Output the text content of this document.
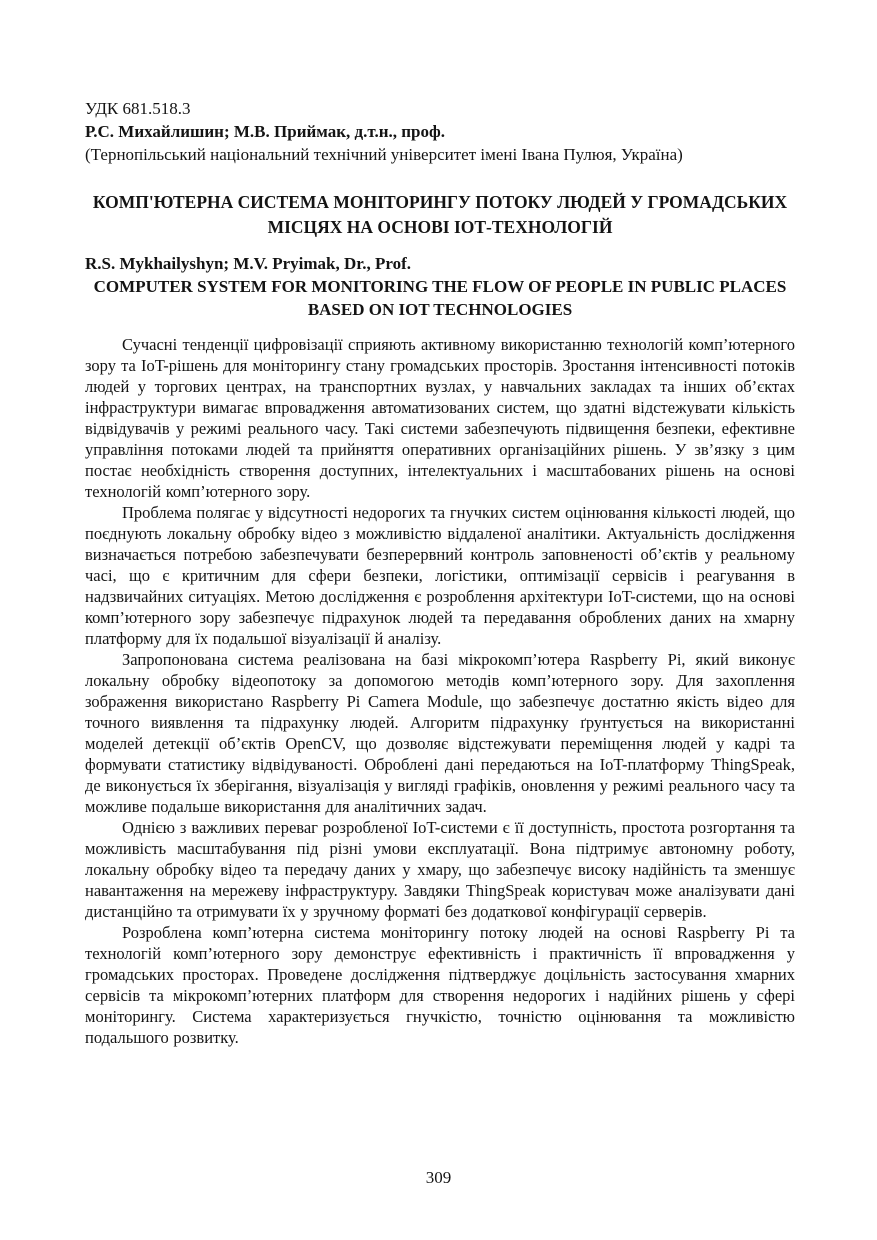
УДК 681.518.3
Р.С. Михайлишин; М.В. Приймак, д.т.н., проф.
(Тернопільський національний технічний університет імені Івана Пулюя, Україна)
КОМП'ЮТЕРНА СИСТЕМА МОНІТОРИНГУ ПОТОКУ ЛЮДЕЙ У ГРОМАДСЬКИХ МІСЦЯХ НА ОСНОВІ ІОТ-ТЕХНОЛОГІЙ
R.S. Mykhailyshyn; M.V. Pryimak, Dr., Prof.
COMPUTER SYSTEM FOR MONITORING THE FLOW OF PEOPLE IN PUBLIC PLACES BASED ON IOT TECHNOLOGIES

Сучасні тенденції цифровізації сприяють активному використанню технологій комп’ютерного зору та IoT-рішень для моніторингу стану громадських просторів. Зростання інтенсивності потоків людей у торгових центрах, на транспортних вузлах, у навчальних закладах та інших об’єктах інфраструктури вимагає впровадження автоматизованих систем, що здатні відстежувати кількість відвідувачів у режимі реального часу. Такі системи забезпечують підвищення безпеки, ефективне управління потоками людей та прийняття оперативних організаційних рішень. У зв’язку з цим постає необхідність створення доступних, інтелектуальних і масштабованих рішень на основі технологій комп’ютерного зору.

Проблема полягає у відсутності недорогих та гнучких систем оцінювання кількості людей, що поєднують локальну обробку відео з можливістю віддаленої аналітики. Актуальність дослідження визначається потребою забезпечувати безперервний контроль заповненості об’єктів у реальному часі, що є критичним для сфери безпеки, логістики, оптимізації сервісів і реагування в надзвичайних ситуаціях. Метою дослідження є розроблення архітектури IoT-системи, що на основі комп’ютерного зору забезпечує підрахунок людей та передавання оброблених даних на хмарну платформу для їх подальшої візуалізації й аналізу.

Запропонована система реалізована на базі мікрокомп’ютера Raspberry Pi, який виконує локальну обробку відеопотоку за допомогою методів комп’ютерного зору. Для захоплення зображення використано Raspberry Pi Camera Module, що забезпечує достатню якість відео для точного виявлення та підрахунку людей. Алгоритм підрахунку ґрунтується на використанні моделей детекції об’єктів OpenCV, що дозволяє відстежувати переміщення людей у кадрі та формувати статистику відвідуваності. Оброблені дані передаються на IoT-платформу ThingSpeak, де виконується їх зберігання, візуалізація у вигляді графіків, оновлення у режимі реального часу та можливе подальше використання для аналітичних задач.

Однією з важливих переваг розробленої IoT-системи є її доступність, простота розгортання та можливість масштабування під різні умови експлуатації. Вона підтримує автономну роботу, локальну обробку відео та передачу даних у хмару, що забезпечує високу надійність та зменшує навантаження на мережеву інфраструктуру. Завдяки ThingSpeak користувач може аналізувати дані дистанційно та отримувати їх у зручному форматі без додаткової конфігурації серверів.

Розроблена комп’ютерна система моніторингу потоку людей на основі Raspberry Pi та технологій комп’ютерного зору демонструє ефективність і практичність її впровадження у громадських просторах. Проведене дослідження підтверджує доцільність застосування хмарних сервісів та мікрокомп’ютерних платформ для створення недорогих і надійних рішень у сфері моніторингу. Система характеризується гнучкістю, точністю оцінювання та можливістю подальшого розвитку.

309
